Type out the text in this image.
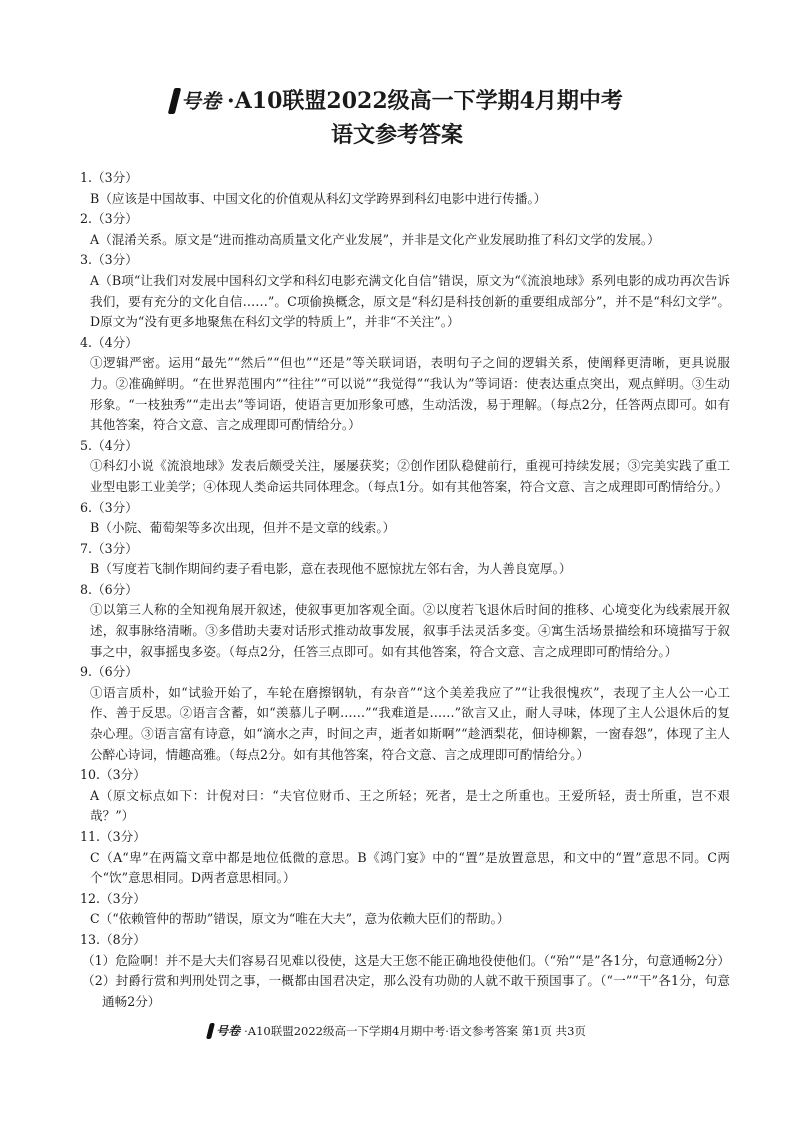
号卷 ·A10联盟2022级高一下学期4月期中考
语文参考答案
1.（3分）
B（应该是中国故事、中国文化的价值观从科幻文学跨界到科幻电影中进行传播。）
2.（3分）
A（混淆关系。原文是“进而推动高质量文化产业发展”，并非是文化产业发展助推了科幻文学的发展。）
3.（3分）
A（B项“让我们对发展中国科幻文学和科幻电影充满文化自信”错误，原文为“《流浪地球》系列电影的成功再次告诉我们，要有充分的文化自信……”。C项偷换概念，原文是“科幻是科技创新的重要组成部分”，并不是“科幻文学”。D原文为“没有更多地聚焦在科幻文学的特质上”，并非“不关注”。）
4.（4分）
①逻辑严密。运用“最先”“然后”“但也”“还是”等关联词语，表明句子之间的逻辑关系，使阐释更清晰，更具说服力。②准确鲜明。“在世界范围内”“往往”“可以说”“我觉得”“我认为”等词语：使表达重点突出，观点鲜明。③生动形象。“一枝独秀”“走出去”等词语，使语言更加形象可感，生动活泼，易于理解。（每点2分，任答两点即可。如有其他答案，符合文意、言之成理即可酌情给分。）
5.（4分）
①科幻小说《流浪地球》发表后颇受关注，屡屡获奖；②创作团队稳健前行，重视可持续发展；③完美实践了重工业型电影工业美学；④体现人类命运共同体理念。（每点1分。如有其他答案，符合文意、言之成理即可酌情给分。）
6.（3分）
B（小院、葡萄架等多次出现，但并不是文章的线索。）
7.（3分）
B（写度若飞制作期间约妻子看电影，意在表现他不愿惊扰左邻右舍，为人善良宽厚。）
8.（6分）
①以第三人称的全知视角展开叙述，使叙事更加客观全面。②以度若飞退休后时间的推移、心境变化为线索展开叙述，叙事脉络清晰。③多借助夫妻对话形式推动故事发展，叙事手法灵活多变。④寓生活场景描绘和环境描写于叙事之中，叙事摇曳多姿。（每点2分，任答三点即可。如有其他答案，符合文意、言之成理即可酌情给分。）
9.（6分）
①语言质朴，如“试验开始了，车轮在磨擦钢轨，有杂音”“这个美差我应了”“让我很愧疚”，表现了主人公一心工作、善于反思。②语言含蓄，如“羡慕儿子啊……”“我难道是……”欲言又止，耐人寻味，体现了主人公退休后的复杂心理。③语言富有诗意，如“滴水之声，时间之声，逝者如斯啊”“趁洒梨花，佃诗柳絮，一窗春怨”，体现了主人公醉心诗词，情趣高雅。（每点2分。如有其他答案，符合文意、言之成理即可酌情给分。）
10.（3分）
A（原文标点如下：计倪对曰：“夫官位财币、王之所轻；死者，是士之所重也。王爱所轻，责士所重，岂不艰哉？”）
11.（3分）
C（A“卑”在两篇文章中都是地位低微的意思。B《鸿门宴》中的“置”是放置意思，和文中的“置”意思不同。C两个“饮”意思相同。D两者意思相同。）
12.（3分）
C（“依赖管仲的帮助”错误，原文为“唯在大夫”，意为依赖大臣们的帮助。）
13.（8分）
（1）危险啊！并不是大夫们容易召见难以役使，这是大王您不能正确地役使他们。（“殆”“是”各1分，句意通畅2分）
（2）封爵行赏和判刑处罚之事，一概都由国君决定，那么没有功勋的人就不敢干预国事了。（“一”“干”各1分，句意通畅2分）
号卷 ·A10联盟2022级高一下学期4月期中考·语文参考答案 第1页 共3页
